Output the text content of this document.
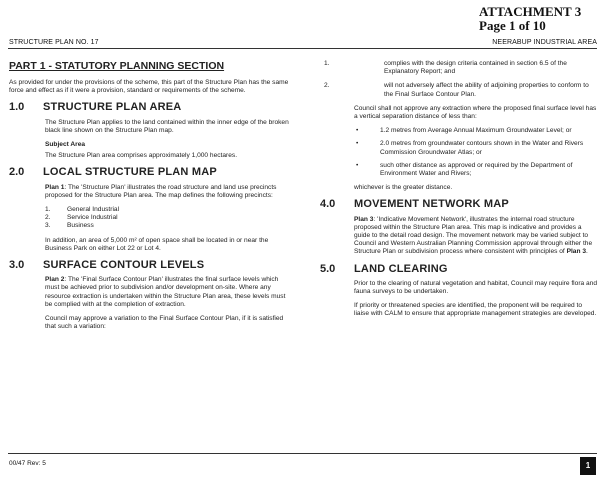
ATTACHMENT 3
Page 1 of 10
STRUCTURE PLAN NO. 17	NEERABUP INDUSTRIAL AREA
PART 1 - STATUTORY PLANNING SECTION

As provided for under the provisions of the scheme, this part of the Structure Plan has the same force and effect as if it were a provision, standard or requirements of the scheme.

1.0	STRUCTURE PLAN AREA

The Structure Plan applies to the land contained within the inner edge of the broken black line shown on the Structure Plan map.

Subject Area

The Structure Plan area comprises approximately 1,000 hectares.

2.0	LOCAL STRUCTURE PLAN MAP

Plan 1: The 'Structure Plan' illustrates the road structure and land use precincts proposed for the Structure Plan area. The map defines the following precincts:

1.	General Industrial
2.	Service Industrial
3.	Business

In addition, an area of 5,000 m² of open space shall be located in or near the Business Park on either Lot 22 or Lot 4.

3.0	SURFACE CONTOUR LEVELS

Plan 2: The 'Final Surface Contour Plan' illustrates the final surface levels which must be achieved prior to subdivision and/or development on-site. Where any resource extraction is undertaken within the Structure Plan area, these levels must be complied with at the completion of extraction.

Council may approve a variation to the Final Surface Contour Plan, if it is satisfied that such a variation:

1.	complies with the design criteria contained in section 6.5 of the Explanatory Report; and
2.	will not adversely affect the ability of adjoining properties to conform to the Final Surface Contour Plan.

Council shall not approve any extraction where the proposed final surface level has a vertical separation distance of less than:

•	1.2 metres from Average Annual Maximum Groundwater Level; or
•	2.0 metres from groundwater contours shown in the Water and Rivers Commission Groundwater Atlas; or
•	such other distance as approved or required by the Department of Environment Water and Rivers;

whichever is the greater distance.

4.0	MOVEMENT NETWORK MAP

Plan 3: 'Indicative Movement Network', illustrates the internal road structure proposed within the Structure Plan area. This map is indicative and provides a guide to the detail road design. The movement network may be varied subject to Council and Western Australian Planning Commission approval through either the Structure Plan or subdivision process where consistent with principles of Plan 3.

5.0	LAND CLEARING

Prior to the clearing of natural vegetation and habitat, Council may require flora and fauna surveys to be undertaken.

If priority or threatened species are identified, the proponent will be required to liaise with CALM to ensure that appropriate management strategies are developed.

00/47 Rev: 5	1
